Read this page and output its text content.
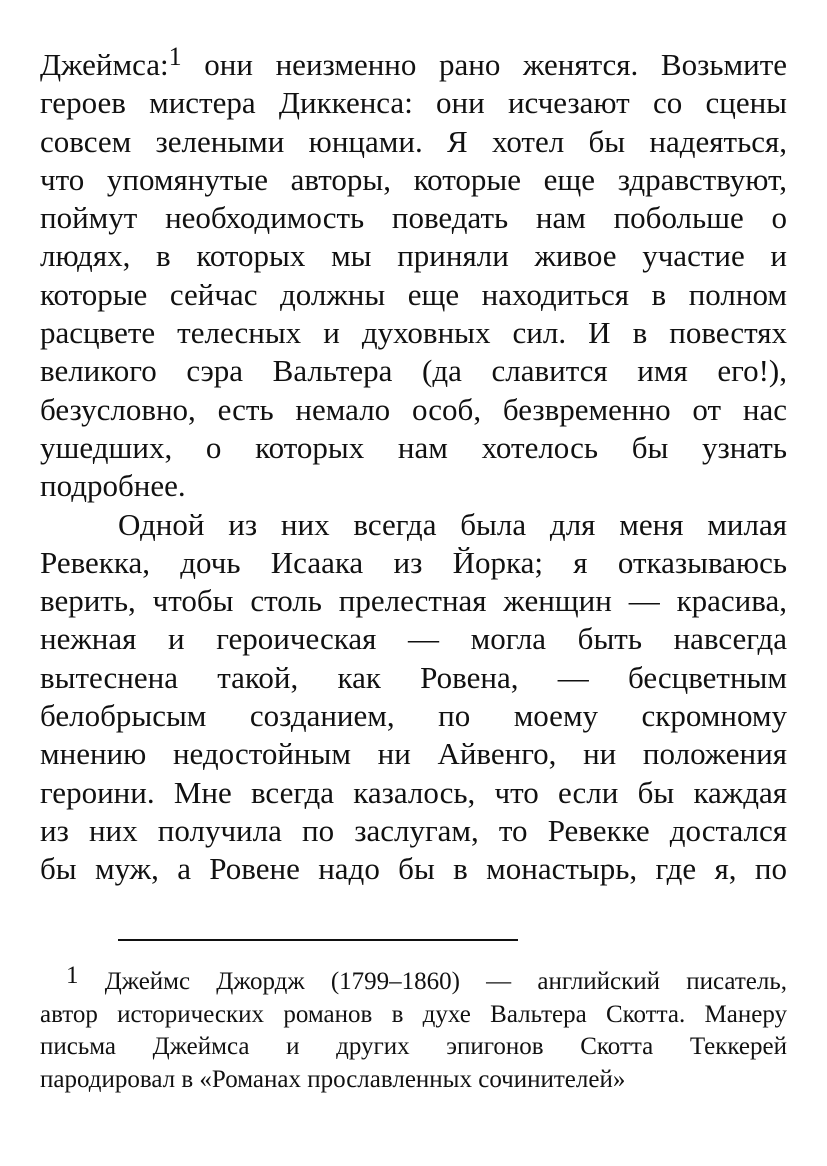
Джеймса:$^1$ они неизменно рано женятся. Возьмите
героев мистера Диккенса: они исчезают со сцены
совсем зелеными юнцами. Я хотел бы надеяться,
что упомянутые авторы, которые еще здравствуют,
поймут необходимость поведать нам побольше о
людях, в которых мы приняли живое участие и
которые сейчас должны еще находиться в полном
расцвете телесных и духовных сил. И в повестях
великого сэра Вальтера (да славится имя его!),
безусловно, есть немало особ, безвременно от нас
ушедших, о которых нам хотелось бы узнать
подробнее.
Одной из них всегда была для меня милая
Ревекка, дочь Исаака из Йорка; я отказываюсь
верить, чтобы столь прелестная женщин — красива,
нежная и героическая — могла быть навсегда
вытеснена такой, как Ровена, — бесцветным
белобрысым созданием, по моему скромному
мнению недостойным ни Айвенго, ни положения
героини. Мне всегда казалось, что если бы каждая
из них получила по заслугам, то Ревекке достался
бы муж, а Ровене надо бы в монастырь, где я, по
1 Джеймс Джордж (1799–1860) — английский писатель,
автор исторических романов в духе Вальтера Скотта. Манеру
письма Джеймса и других эпигонов Скотта Теккерей
пародировал в «Романах прославленных сочинителей»
